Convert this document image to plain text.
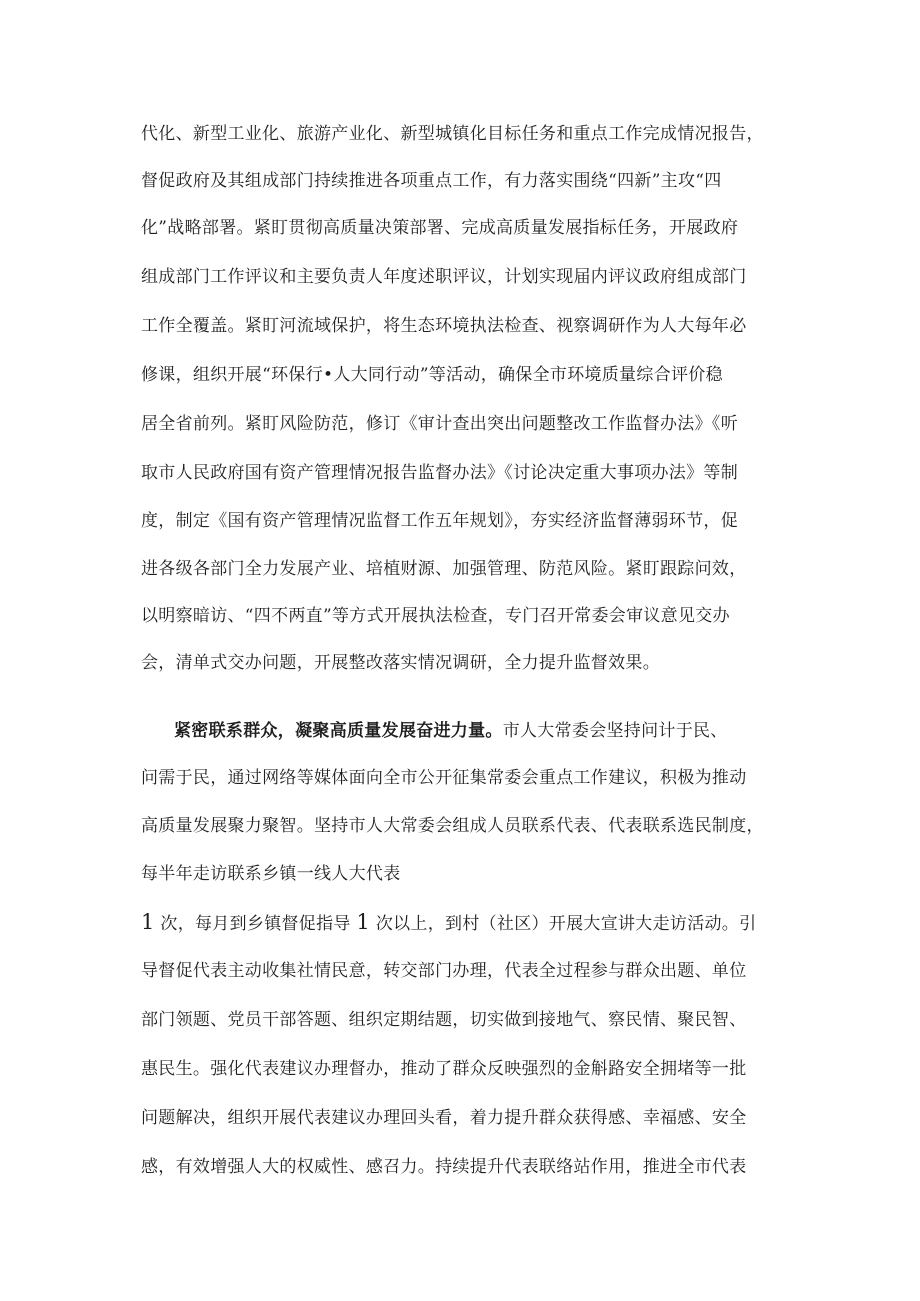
代化、新型工业化、旅游产业化、新型城镇化目标任务和重点工作完成情况报告，
督促政府及其组成部门持续推进各项重点工作，有力落实围绕“四新”主攻“四
化”战略部署。紧盯贯彻高质量决策部署、完成高质量发展指标任务，开展政府
组成部门工作评议和主要负责人年度述职评议，计划实现届内评议政府组成部门
工作全覆盖。紧盯河流域保护，将生态环境执法检查、视察调研作为人大每年必
修课，组织开展“环保行•人大同行动”等活动，确保全市环境质量综合评价稳
居全省前列。紧盯风险防范，修订《审计查出突出问题整改工作监督办法》《听
取市人民政府国有资产管理情况报告监督办法》《讨论决定重大事项办法》等制
度，制定《国有资产管理情况监督工作五年规划》，夯实经济监督薄弱环节，促
进各级各部门全力发展产业、培植财源、加强管理、防范风险。紧盯跟踪问效，
以明察暗访、“四不两直”等方式开展执法检查，专门召开常委会审议意见交办
会，清单式交办问题，开展整改落实情况调研，全力提升监督效果。
紧密联系群众，凝聚高质量发展奋进力量。市人大常委会坚持问计于民、
问需于民，通过网络等媒体面向全市公开征集常委会重点工作建议，积极为推动
高质量发展聚力聚智。坚持市人大常委会组成人员联系代表、代表联系选民制度，
每半年走访联系乡镇一线人大代表
1 次，每月到乡镇督促指导 1 次以上，到村（社区）开展大宣讲大走访活动。引
导督促代表主动收集社情民意，转交部门办理，代表全过程参与群众出题、单位
部门领题、党员干部答题、组织定期结题，切实做到接地气、察民情、聚民智、
惠民生。强化代表建议办理督办，推动了群众反映强烈的金斛路安全拥堵等一批
问题解决，组织开展代表建议办理回头看，着力提升群众获得感、幸福感、安全
感，有效增强人大的权威性、感召力。持续提升代表联络站作用，推进全市代表
